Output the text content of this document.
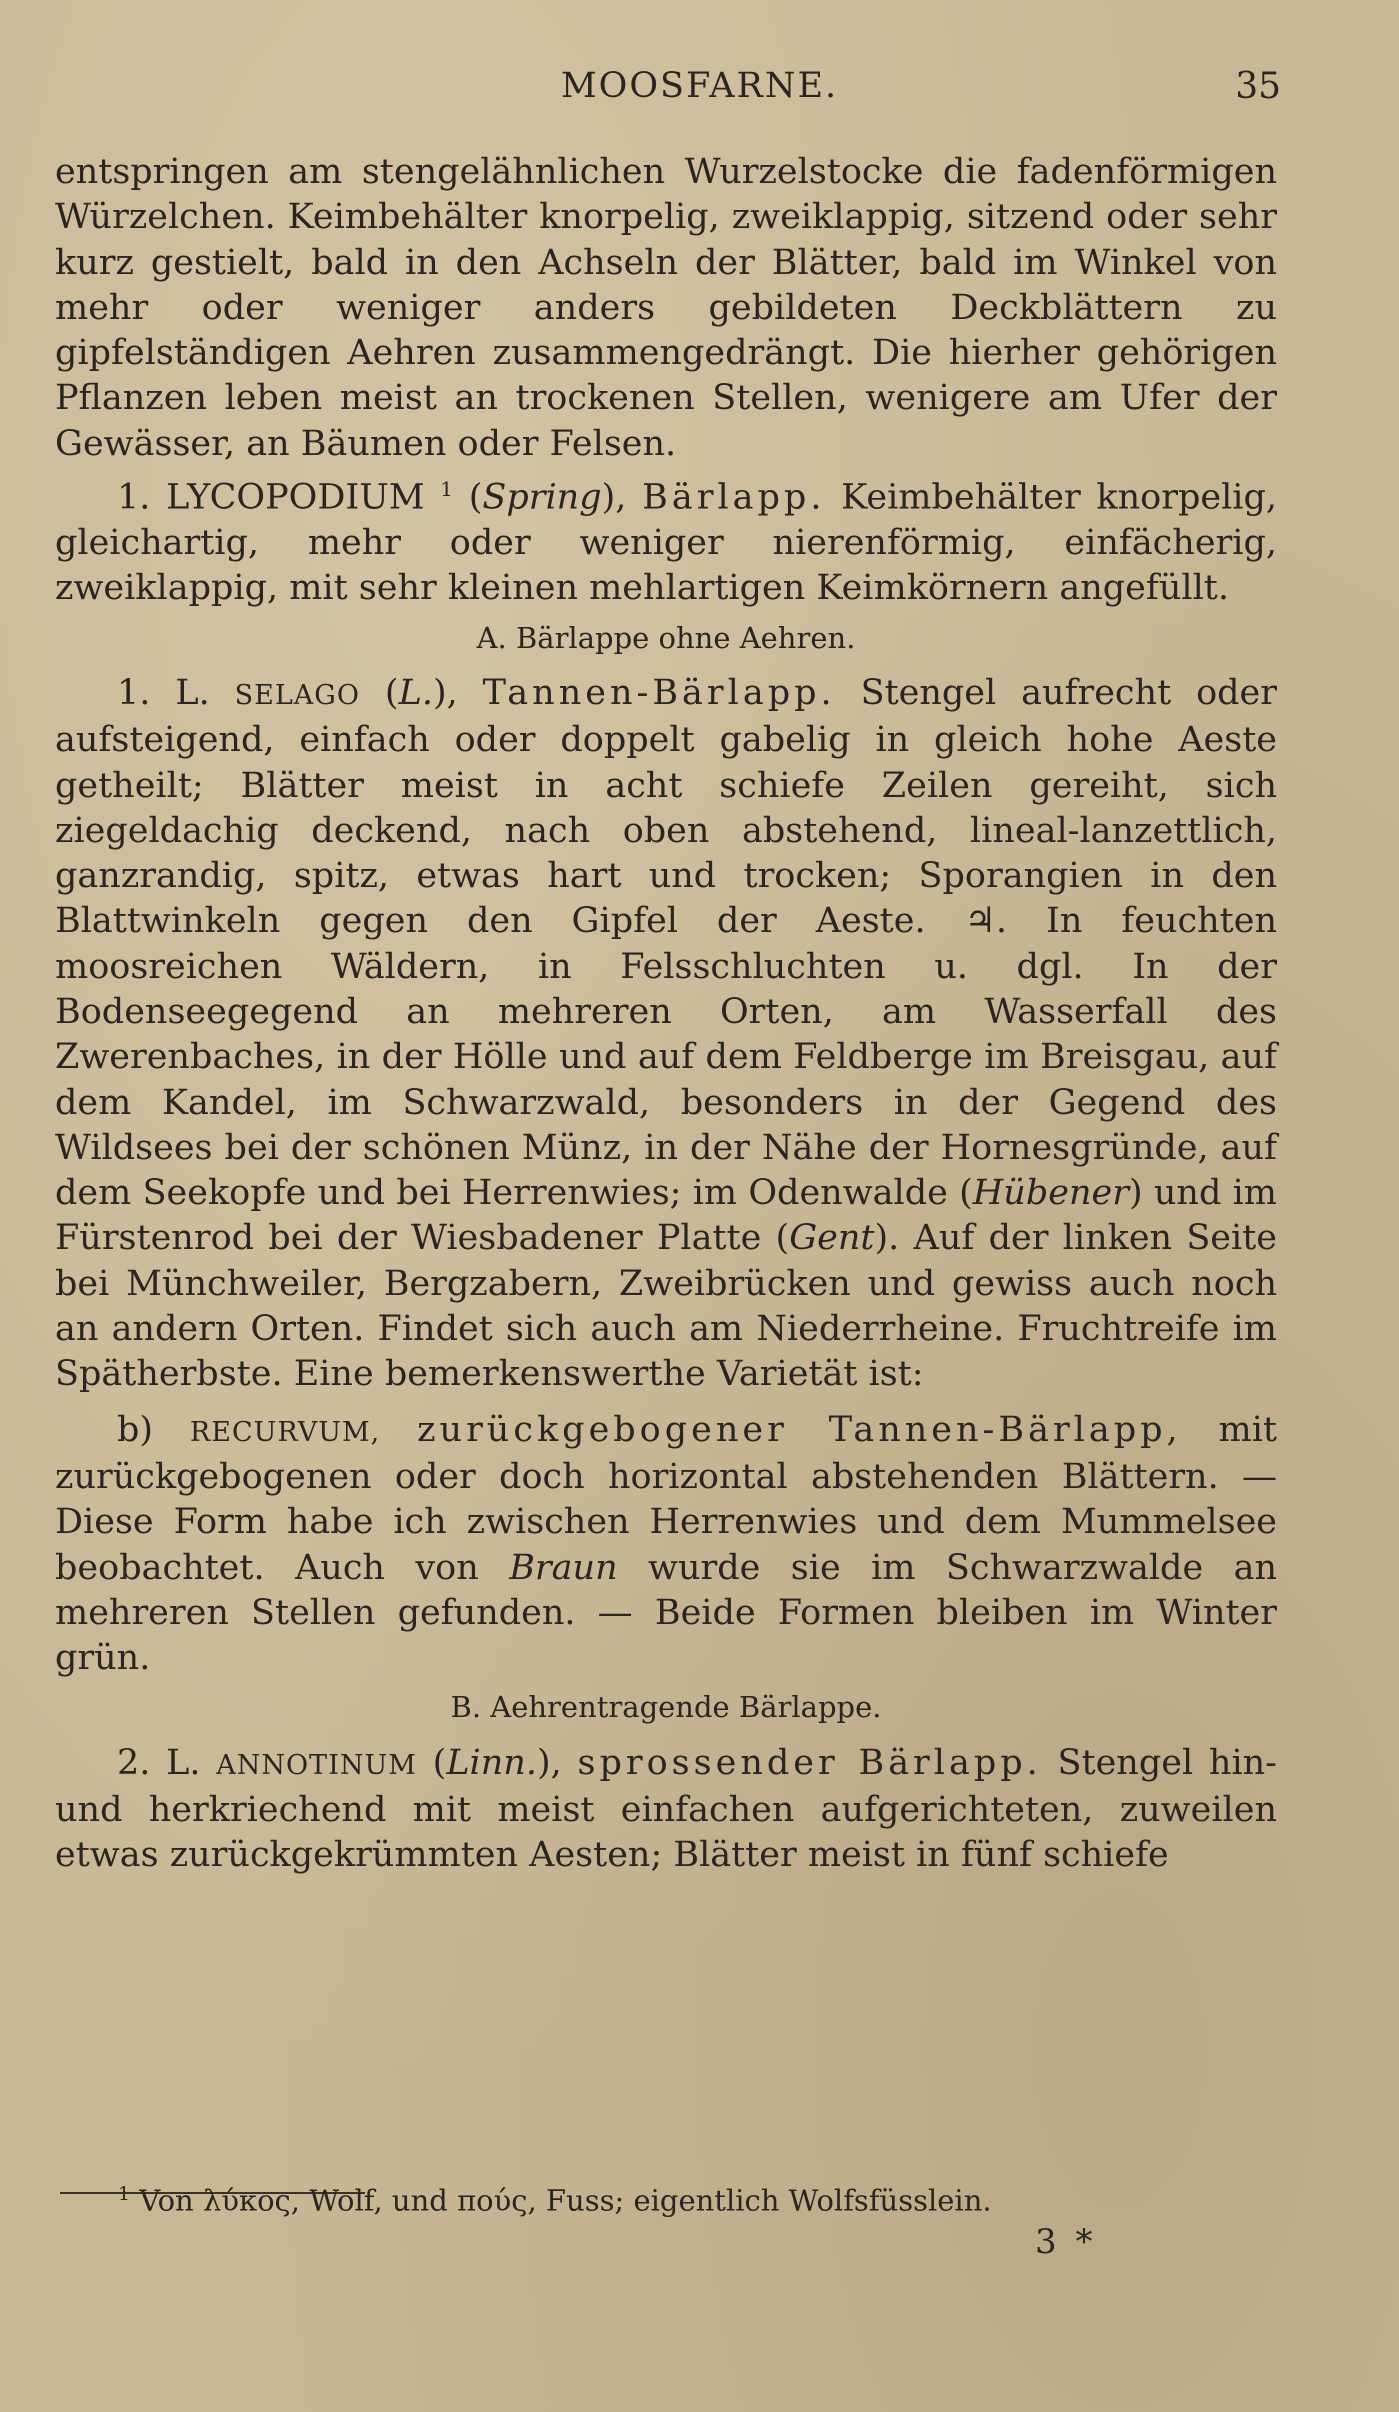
MOOSFARNE.	35

entspringen am stengelähnlichen Wurzelstocke die fadenförmigen Würzelchen. Keimbehälter knorpelig, zweiklappig, sitzend oder sehr kurz gestielt, bald in den Achseln der Blätter, bald im Winkel von mehr oder weniger anders gebildeten Deckblättern zu gipfelständigen Aehren zusammengedrängt. Die hierher gehörigen Pflanzen leben meist an trockenen Stellen, wenigere am Ufer der Gewässer, an Bäumen oder Felsen.

1. LYCOPODIUM $^1$ (Spring), Bärlapp. Keimbehälter knorpelig, gleichartig, mehr oder weniger nierenförmig, einfächerig, zweiklappig, mit sehr kleinen mehlartigen Keimkörnern angefüllt.

A. Bärlappe ohne Aehren.

1. L. SELAGO (L.), Tannen-Bärlapp. Stengel aufrecht oder aufsteigend, einfach oder doppelt gabelig in gleich hohe Aeste getheilt; Blätter meist in acht schiefe Zeilen gereiht, sich ziegeldachig deckend, nach oben abstehend, lineal-lanzettlich, ganzrandig, spitz, etwas hart und trocken; Sporangien in den Blattwinkeln gegen den Gipfel der Aeste. ♃. In feuchten moosreichen Wäldern, in Felsschluchten u. dgl. In der Bodenseegegend an mehreren Orten, am Wasserfall des Zwerenbaches, in der Hölle und auf dem Feldberge im Breisgau, auf dem Kandel, im Schwarzwald, besonders in der Gegend des Wildsees bei der schönen Münz, in der Nähe der Hornesgründe, auf dem Seekopfe und bei Herrenwies; im Odenwalde (Hübener) und im Fürstenrod bei der Wiesbadener Platte (Gent). Auf der linken Seite bei Münchweiler, Bergzabern, Zweibrücken und gewiss auch noch an andern Orten. Findet sich auch am Niederrheine. Fruchtreife im Spätherbste. Eine bemerkenswerthe Varietät ist:

b) RECURVUM, zurückgebogener Tannen-Bärlapp, mit zurückgebogenen oder doch horizontal abstehenden Blättern. — Diese Form habe ich zwischen Herrenwies und dem Mummelsee beobachtet. Auch von Braun wurde sie im Schwarzwalde an mehreren Stellen gefunden. — Beide Formen bleiben im Winter grün.

B. Aehrentragende Bärlappe.

2. L. ANNOTINUM (Linn.), sprossender Bärlapp. Stengel hin- und herkriechend mit meist einfachen aufgerichteten, zuweilen etwas zurückgekrümmten Aesten; Blätter meist in fünf schiefe

$^1$ Von λύκος, Wolf, und πούς, Fuss; eigentlich Wolfsfüsslein.
3 *
